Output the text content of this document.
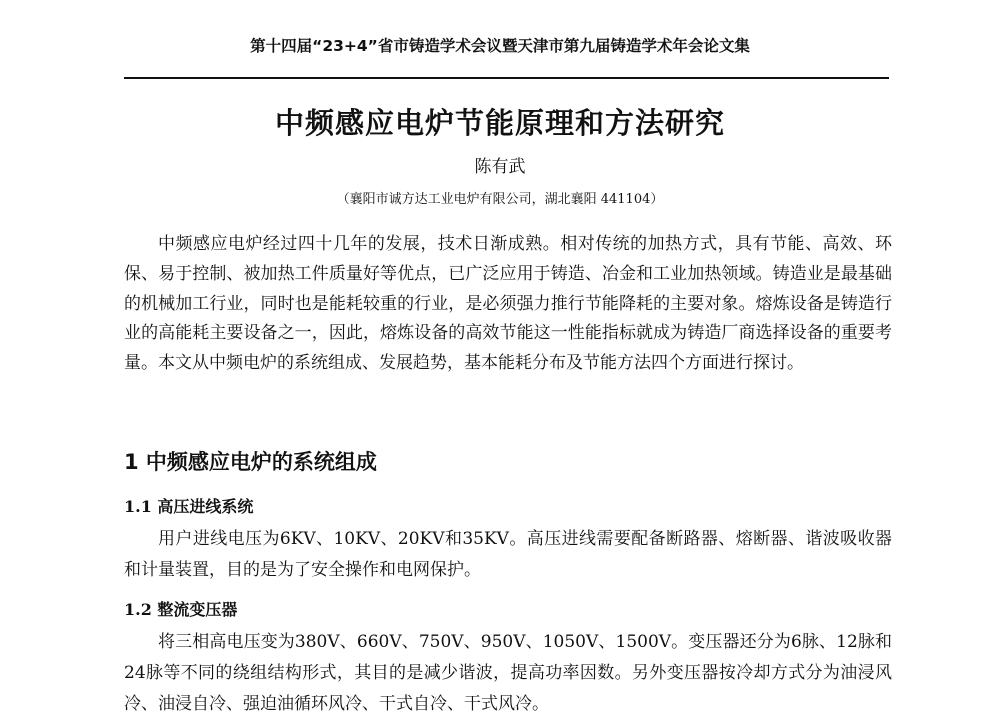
第十四届“23+4”省市铸造学术会议暨天津市第九届铸造学术年会论文集
中频感应电炉节能原理和方法研究
陈有武
（襄阳市诚方达工业电炉有限公司，湖北襄阳 441104）

中频感应电炉经过四十几年的发展，技术日渐成熟。相对传统的加热方式，具有节能、高效、环保、易于控制、被加热工件质量好等优点，已广泛应用于铸造、冶金和工业加热领域。铸造业是最基础的机械加工行业，同时也是能耗较重的行业，是必须强力推行节能降耗的主要对象。熔炼设备是铸造行业的高能耗主要设备之一，因此，熔炼设备的高效节能这一性能指标就成为铸造厂商选择设备的重要考量。本文从中频电炉的系统组成、发展趋势，基本能耗分布及节能方法四个方面进行探讨。

1 中频感应电炉的系统组成
1.1 高压进线系统

用户进线电压为6KV、10KV、20KV和35KV。高压进线需要配备断路器、熔断器、谐波吸收器和计量装置，目的是为了安全操作和电网保护。

1.2 整流变压器

将三相高电压变为380V、660V、750V、950V、1050V、1500V。变压器还分为6脉、12脉和24脉等不同的绕组结构形式，其目的是减少谐波，提高功率因数。另外变压器按冷却方式分为油浸风冷、油浸自冷、强迫油循环风冷、干式自冷、干式风冷。
